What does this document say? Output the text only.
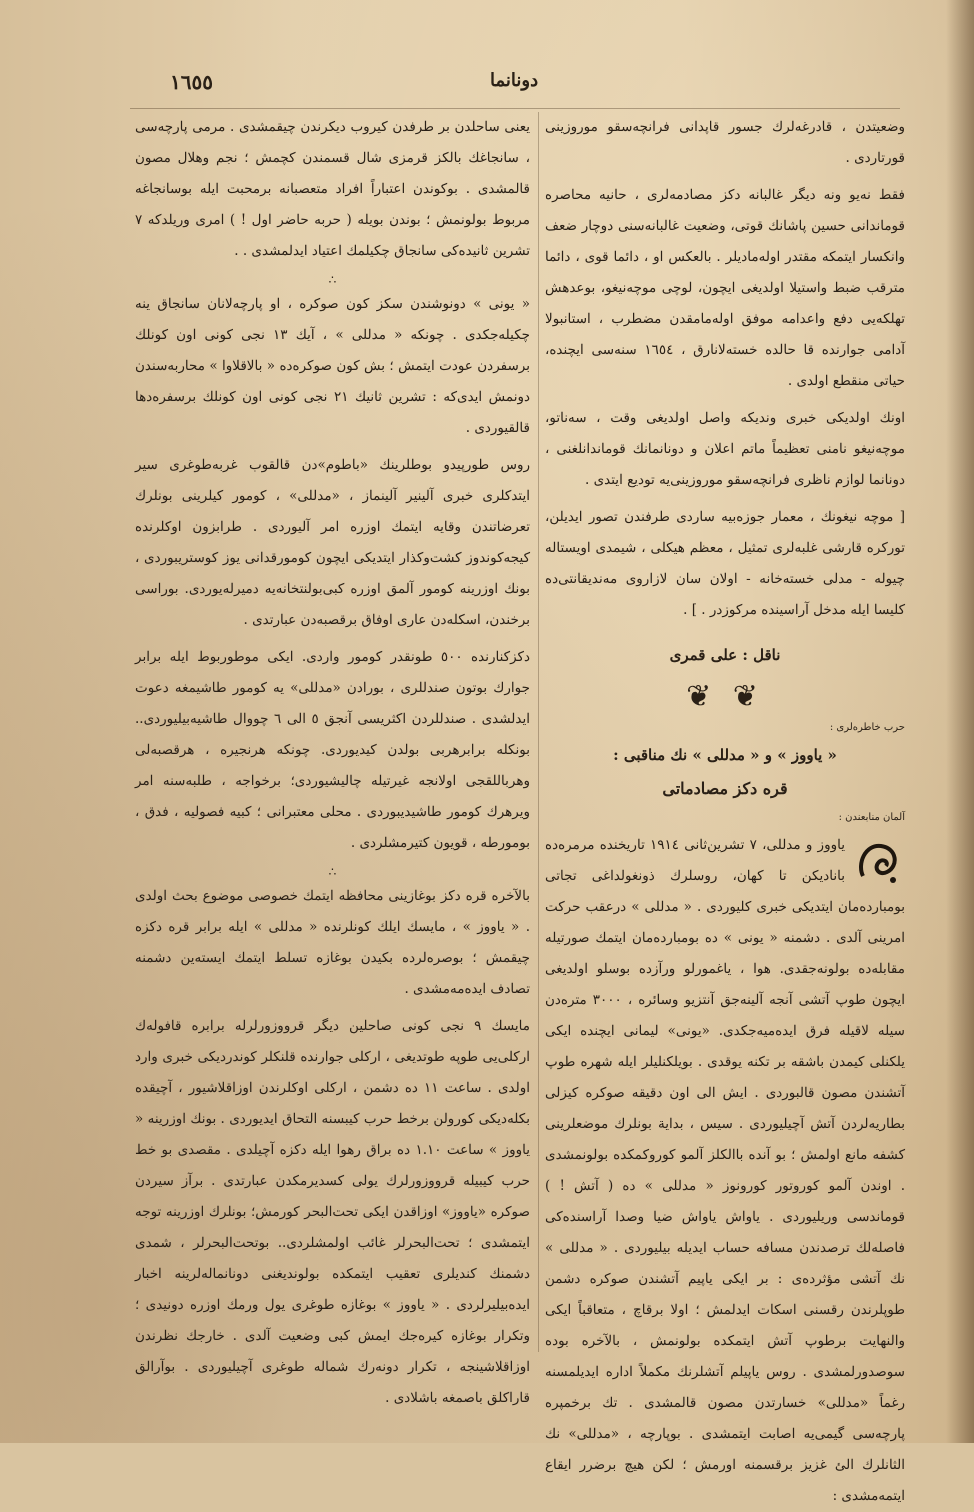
١٦٥٥	دونانما

وضعیتدن ، قادرغه‌لرك جسور قاپدانی فرانچه‌سقو موروزینی قورتاردی .

فقط نه‌یو ونه دیگر غالبانه دکز مصادمه‌لری ، حانیه محاصره قوماندانی حسین پاشانك قوتی، وضعیت غالبانه‌سنی دوچار ضعف وانکسار ایتمکه مقتدر اوله‌مادیلر . بالعکس او ، دائما قوی ، دائما مترقب ضبط واستیلا اولدیغی ایچون، لوچی موچه‌نیغو، بوعدهش تهلکه‌یی دفع واعدامه موفق اوله‌مامقدن مضطرب ، استانبولا آدامی جوارنده قا حالده خسته‌لانارق ، ١٦٥٤ سنه‌سی ایچنده، حیاتی منقطع اولدی .

اونك اولدیکی خبری ونديكه واصل اولدیغی وقت ، سه‌ناتو، موچه‌نیغو نامنی تعظیماً ماتم اعلان و دونانمانك قوماندانلغنی ، دونانما لوازم ناظری فرانچه‌سقو موروزینی‌یه تودیع ایتدی .

[ موچه نیغونك ، معمار جوزه‌بیه ساردی طرفندن تصور ایدیلن، تورکره قارشی غلبه‌لری تمثیل ، معظم هیکلی ، شیمدی اویستاله چیوله - مدلی خسته‌خانه - اولان سان لازاروی مه‌ندیقانتی‌ده کلیسا ایله مدخل آراسینده مرکوزدر . ] .

ناقل : علی قمری
❦ ❦
حرب خاطره‌لری :
« یاووز » و « مدللی » نك مناقبی :
قره دکز مصادماتی
آلمان منابعندن :

یاووز و مدللی، ٧ تشرین‌ثانی ١٩١٤ تاریخنده مرمره‌ده بانادیکن تا کهان، روسلرك ذونغولداغی تجاتی بومبارده‌مان ایتدیکی خبری کلیوردی . « مدللی » درعقب حرکت امرینی آلدی . دشمنه « یونی » ده بومبارده‌مان ایتمك صورتیله مقابله‌ده بولونه‌جقدی. هوا ، یاغمورلو ورآزده بوسلو اولدیغی ایچون طوپ آتشی آنجه آلینه‌جق آنتزیو وسائره ، ٣٠٠٠ متره‌دن سیله لاقیله فرق ایده‌میه‌جکدی. «یونی» لیمانی ایچنده ایکی یلکنلی کیمدن باشقه بر تکنه یوقدی . بویلکنلیلر ایله شهره طوپ آتشندن مصون قالبوردی . ایش الی اون دقیقه صوکره کیزلی بطاریه‌لردن آتش آچیلیوردی . سیس ، بدایة بونلرك موضعلرینی کشفه مانع اولمش ؛ بو آنده باالکلز آلمو کوروکمکده بولونمشدی . اوندن آلمو کوروتور کورونوز « مدللی » ده ( آتش ! ) قوماندسی وریلیوردی . یاواش یاواش ضیا وصدا آراسنده‌کی فاصله‌لك ترصدندن مسافه حساب ایدیله بیلیوردی . « مدللی » نك آتشی مؤثرده‌ی : بر ایکی یاپیم آتشندن صوکره دشمن طوپلرندن رقسنی اسکات ایدلمش ؛ اولا برقاچ ، متعاقباً ایکی والنهایت برطوپ آتش ایتمکده بولونمش ، بالآخره بوده سوصدورلمشدی . روس یاپیلم آتشلرنك مکملاً اداره ایدیلمسنه رغماً «مدللی» خسارتدن مصون قالمشدی . تك برخمپره پارچه‌سی گیمی‌یه اصابت ایتمشدی . بوپارچه ، «مدللی» نك الثانلرك الئ غزیز برقسمنه اورمش ؛ لکن هیچ برضرر ایقاع ایتمه‌مشدی :

یعنی ساحلدن بر طرفدن کیروب دیکرندن چیقمشدی . مرمی پارچه‌سی ، سانجاغك بالکز قرمزی شال قسمندن کچمش ؛ نجم وهلال مصون قالمشدی . بوکوندن اعتباراً افراد متعصبانه برمحبت ایله بوسانجاغه مربوط بولونمش ؛ بوندن بویله ( حربه حاضر اول ! ) امری وریلدکه ٧ تشرین ثانیده‌کی سانجاق چکیلمك اعتیاد ایدلمشدی . .

∴

« یونی » دونوشندن سکز کون صوکره ، او پارچه‌لانان سانجاق ینه چکیله‌جکدی . چونکه « مدللی » ، آیك ١٣ نجی کونی اون کونلك برسفردن عودت ایتمش ؛ بش کون صوکره‌ده « بالاقلاوا » محاربه‌سندن دونمش ایدی‌که : تشرین ثانیك ٢١ نجی کونی اون کونلك برسفره‌دها قالقیوردی .

روس طورپیدو بوطلرینك «باطوم»دن قالقوب غربه‌طوغری سیر ایتدکلری خبری آلینیر آلینماز ، «مدللی» ، کومور کیلرینی بونلرك تعرضاتندن وقایه ایتمك اوزره امر آلیوردی . طرابزون اوکلرنده کیجه‌کوندوز کشت‌وکذار ایتدیکی ایچون کومورقدانی یوز کوستریبوردی ، بونك اوزرینه کومور آلمق اوزره کبی‌بولنتخانه‌یه دمیرله‌یوردی. بوراسی برخندن، اسکله‌دن عاری اوفاق برقصبه‌دن عبارتدی .

دکزکنارنده ٥٠٠ طونقدر کومور واردی. ایکی موطوربوط ایله برابر جوارك بوتون صندللری ، بورادن «مدللی» یه کومور طاشیمغه دعوت ایدلشدی . صندللردن اکثریسی آنجق ٥ الی ٦ چووال طاشیه‌بیلیوردی.. بونکله برابرهربی بولدن کیدیوردی. چونکه هرنجیره ، هرقصبه‌لی وهرباللقجی اولانجه غیرتیله چالیشیوردی؛ برخواجه ، طلبه‌سنه امر ویرهرك کومور طاشیدیبوردی . محلی معتبرانی ؛ کبیه فصولیه ، فدق ، بومورطه ، قویون کتیرمشلردی .

∴

بالآخره قره دکز بوغازینی محافظه ایتمك خصوصی موضوع بحث اولدی . « یاووز » ، مایسك ایلك کونلرنده « مدللی » ایله برابر قره دکزه چیقمش ؛ بوصره‌لرده بکیدن بوغازه تسلط ایتمك ایسته‌ین دشمنه تصادف ایده‌مه‌مشدی .

مایسك ٩ نجی کونی صاحلین دیگر قرووزورلرله برابرە قافوله‌ك ارکلی‌یی طوپه طوتدیغی ، ارکلی جوارنده قلنكلر کوندردیکی خبری وارد اولدی . ساعت ١١ ده دشمن ، ارکلی اوکلرندن اوزاقلاشیور ، آچیقده بکله‌دیکی کورولن برخط حرب کیبسنه التحاق ایدیوردی . بونك اوزرینه « یاووز » ساعت ١.١٠ ده براق رهوا ایله دکزه آچیلدی . مقصدی بو خط حرب کیبیله قرووزورلرك یولی کسدیرمکدن عبارتدی . برآز سیردن صوکره «یاووز» اوزاقدن ایکی تحت‌البحر کورمش؛ بونلرك اوزرینه توجه ایتمشدی ؛ تحت‌البحرلر غائب اولمشلردی.. بوتحت‌البحرلر ، شمدی دشمنك کندیلری تعقیب ایتمکده بولوندیغنی دونانماله‌لرینه اخبار ایده‌بیلیرلردی . « یاووز » بوغازه طوغری یول ورمك اوزره دونیدی ؛ وتکرار بوغازه کیره‌جك ایمش کبی وضعیت آلدی . خارجك نظرندن اوزاقلاشینجه ، تکرار دونه‌رك شماله طوغری آچیلیوردی . بوآرالق قاراکلق باصمغه باشلادی .
